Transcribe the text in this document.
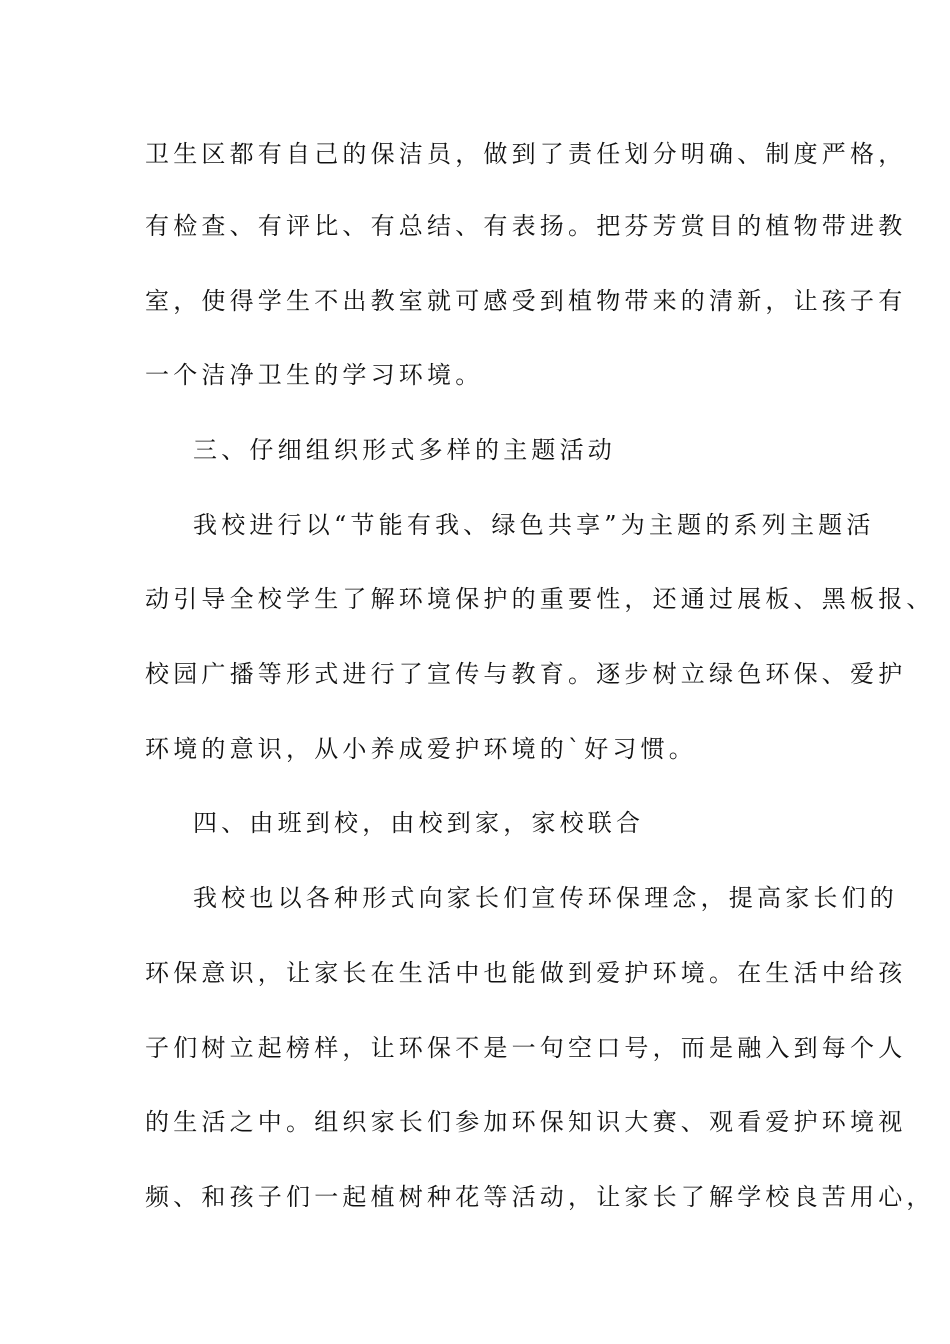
卫生区都有自己的保洁员，做到了责任划分明确、制度严格，
有检查、有评比、有总结、有表扬。把芬芳赏目的植物带进教
室，使得学生不出教室就可感受到植物带来的清新，让孩子有
一个洁净卫生的学习环境。
三、仔细组织形式多样的主题活动
我校进行以“节能有我、绿色共享”为主题的系列主题活
动引导全校学生了解环境保护的重要性，还通过展板、黑板报、
校园广播等形式进行了宣传与教育。逐步树立绿色环保、爱护
环境的意识，从小养成爱护环境的`好习惯。
四、由班到校，由校到家，家校联合
我校也以各种形式向家长们宣传环保理念，提高家长们的
环保意识，让家长在生活中也能做到爱护环境。在生活中给孩
子们树立起榜样，让环保不是一句空口号，而是融入到每个人
的生活之中。组织家长们参加环保知识大赛、观看爱护环境视
频、和孩子们一起植树种花等活动，让家长了解学校良苦用心，
